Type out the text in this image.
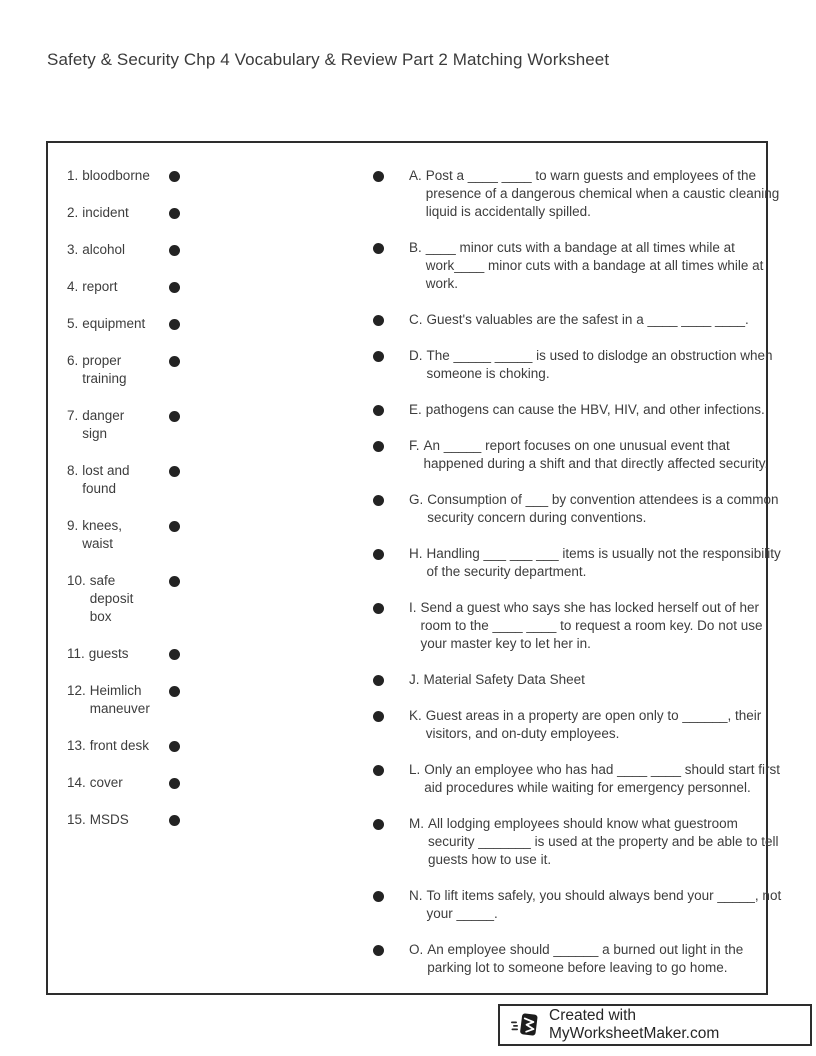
Safety & Security Chp 4 Vocabulary & Review Part 2 Matching Worksheet
1. bloodborne
2. incident
3. alcohol
4. report
5. equipment
6. proper
training
7. danger
sign
8. lost and
found
9. knees,
waist
10. safe
deposit
box
11. guests
12. Heimlich
maneuver
13. front desk
14. cover
15. MSDS
A. Post a ____ ____ to warn guests and employees of the
presence of a dangerous chemical when a caustic cleaning
liquid is accidentally spilled.
B. ____ minor cuts with a bandage at all times while at
work____ minor cuts with a bandage at all times while at
work.
C. Guest's valuables are the safest in a ____ ____ ____.
D. The _____ _____ is used to dislodge an obstruction when
someone is choking.
E. pathogens can cause the HBV, HIV, and other infections.
F. An _____ report focuses on one unusual event that
happened during a shift and that directly affected security.
G. Consumption of ___ by convention attendees is a common
security concern during conventions.
H. Handling ___ ___ ___ items is usually not the responsibility
of the security department.
I. Send a guest who says she has locked herself out of her
room to the ____ ____ to request a room key. Do not use
your master key to let her in.
J. Material Safety Data Sheet
K. Guest areas in a property are open only to ______, their
visitors, and on-duty employees.
L. Only an employee who has had ____ ____ should start first
aid procedures while waiting for emergency personnel.
M. All lodging employees should know what guestroom
security _______ is used at the property and be able to tell
guests how to use it.
N. To lift items safely, you should always bend your _____, not
your _____.
O. An employee should ______ a burned out light in the
parking lot to someone before leaving to go home.
Created with MyWorksheetMaker.com
